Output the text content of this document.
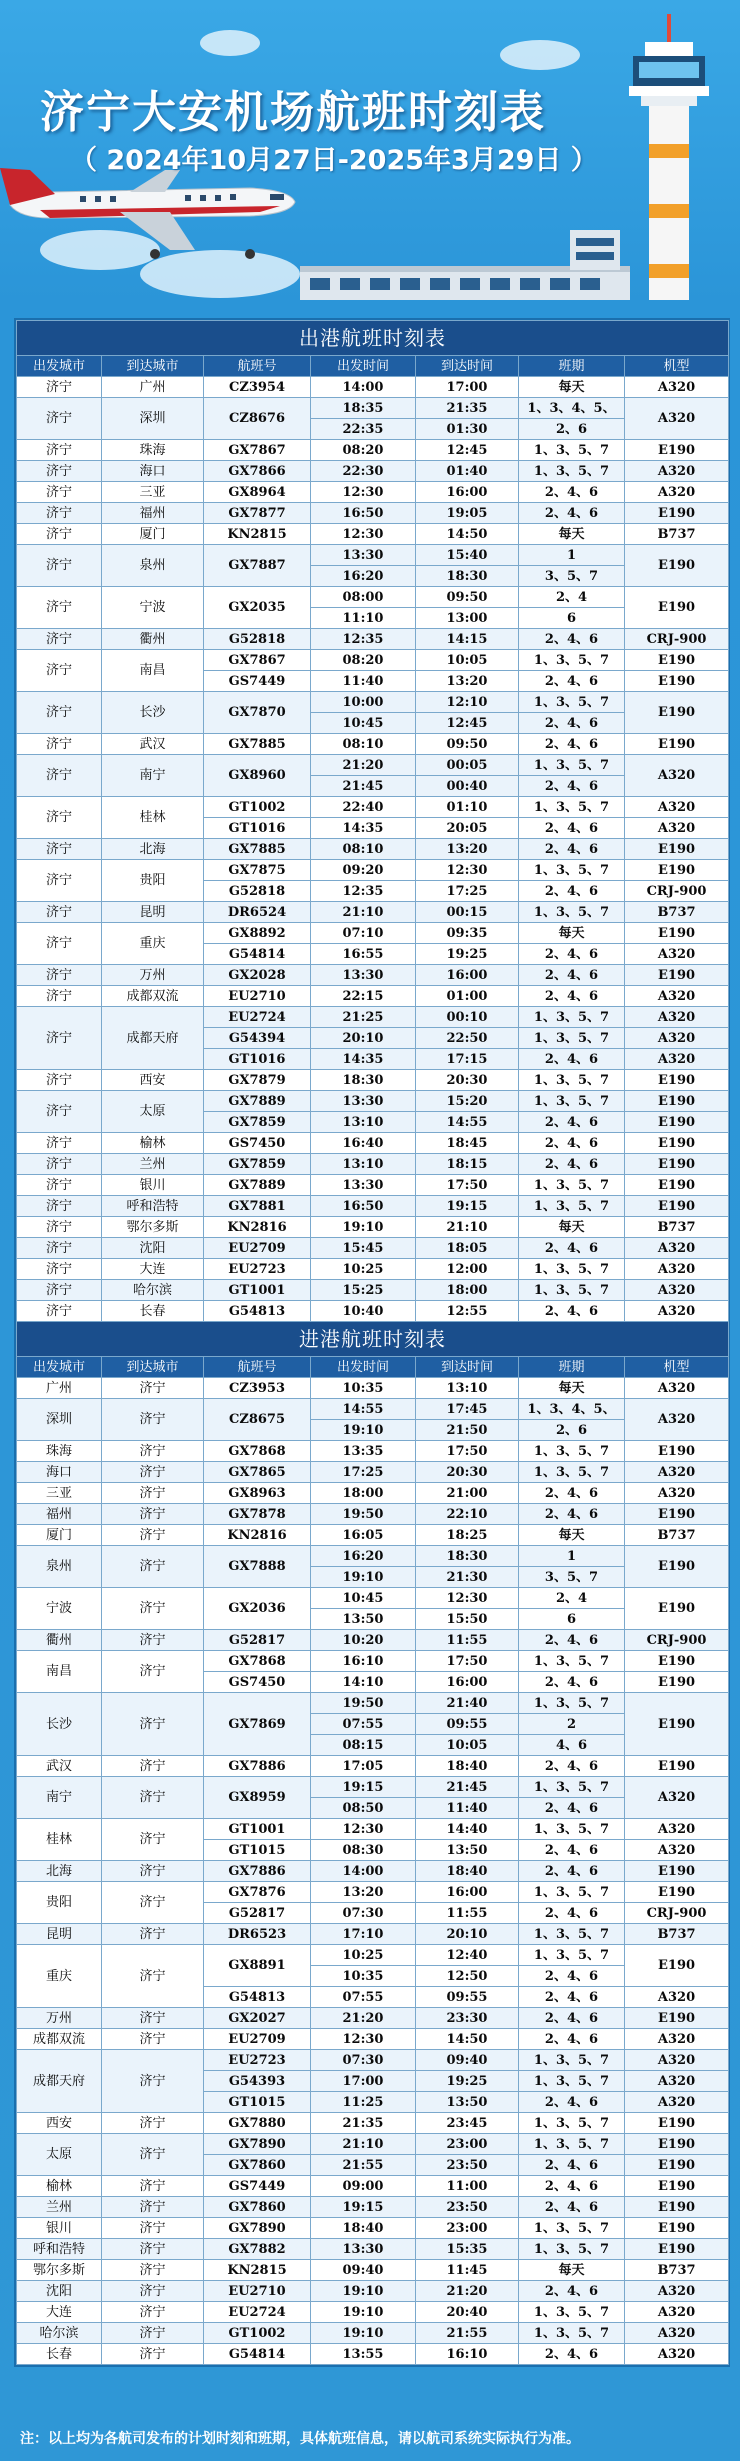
济宁大安机场航班时刻表
（ 2024年10月27日-2025年3月29日 ）
出港航班时刻表						
出发城市	到达城市	航班号	出发时间	到达时间	班期	机型
济宁	广州	CZ3954	14:00	17:00	每天	A320
济宁	深圳	CZ8676	18:35	21:35	1、3、4、5、	A320
			22:35	01:30	2、6	
济宁	珠海	GX7867	08:20	12:45	1、3、5、7	E190
济宁	海口	GX7866	22:30	01:40	1、3、5、7	A320
济宁	三亚	GX8964	12:30	16:00	2、4、6	A320
济宁	福州	GX7877	16:50	19:05	2、4、6	E190
济宁	厦门	KN2815	12:30	14:50	每天	B737
济宁	泉州	GX7887	13:30	15:40	1	E190
			16:20	18:30	3、5、7	
济宁	宁波	GX2035	08:00	09:50	2、4	E190
			11:10	13:00	6	
济宁	衢州	G52818	12:35	14:15	2、4、6	CRJ-900
济宁	南昌	GX7867	08:20	10:05	1、3、5、7	E190
		GS7449	11:40	13:20	2、4、6	E190
济宁	长沙	GX7870	10:00	12:10	1、3、5、7	E190
			10:45	12:45	2、4、6	
济宁	武汉	GX7885	08:10	09:50	2、4、6	E190
济宁	南宁	GX8960	21:20	00:05	1、3、5、7	A320
			21:45	00:40	2、4、6	
济宁	桂林	GT1002	22:40	01:10	1、3、5、7	A320
		GT1016	14:35	20:05	2、4、6	A320
济宁	北海	GX7885	08:10	13:20	2、4、6	E190
济宁	贵阳	GX7875	09:20	12:30	1、3、5、7	E190
		G52818	12:35	17:25	2、4、6	CRJ-900
济宁	昆明	DR6524	21:10	00:15	1、3、5、7	B737
济宁	重庆	GX8892	07:10	09:35	每天	E190
		G54814	16:55	19:25	2、4、6	A320
济宁	万州	GX2028	13:30	16:00	2、4、6	E190
济宁	成都双流	EU2710	22:15	01:00	2、4、6	A320
济宁	成都天府	EU2724	21:25	00:10	1、3、5、7	A320
		G54394	20:10	22:50	1、3、5、7	A320
		GT1016	14:35	17:15	2、4、6	A320
济宁	西安	GX7879	18:30	20:30	1、3、5、7	E190
济宁	太原	GX7889	13:30	15:20	1、3、5、7	E190
		GX7859	13:10	14:55	2、4、6	E190
济宁	榆林	GS7450	16:40	18:45	2、4、6	E190
济宁	兰州	GX7859	13:10	18:15	2、4、6	E190
济宁	银川	GX7889	13:30	17:50	1、3、5、7	E190
济宁	呼和浩特	GX7881	16:50	19:15	1、3、5、7	E190
济宁	鄂尔多斯	KN2816	19:10	21:10	每天	B737
济宁	沈阳	EU2709	15:45	18:05	2、4、6	A320
济宁	大连	EU2723	10:25	12:00	1、3、5、7	A320
济宁	哈尔滨	GT1001	15:25	18:00	1、3、5、7	A320
济宁	长春	G54813	10:40	12:55	2、4、6	A320
进港航班时刻表						
出发城市	到达城市	航班号	出发时间	到达时间	班期	机型
广州	济宁	CZ3953	10:35	13:10	每天	A320
深圳	济宁	CZ8675	14:55	17:45	1、3、4、5、	A320
			19:10	21:50	2、6	
珠海	济宁	GX7868	13:35	17:50	1、3、5、7	E190
海口	济宁	GX7865	17:25	20:30	1、3、5、7	A320
三亚	济宁	GX8963	18:00	21:00	2、4、6	A320
福州	济宁	GX7878	19:50	22:10	2、4、6	E190
厦门	济宁	KN2816	16:05	18:25	每天	B737
泉州	济宁	GX7888	16:20	18:30	1	E190
			19:10	21:30	3、5、7	
宁波	济宁	GX2036	10:45	12:30	2、4	E190
			13:50	15:50	6	
衢州	济宁	G52817	10:20	11:55	2、4、6	CRJ-900
南昌	济宁	GX7868	16:10	17:50	1、3、5、7	E190
		GS7450	14:10	16:00	2、4、6	E190
长沙	济宁	GX7869	19:50	21:40	1、3、5、7	E190
			07:55	09:55	2	
			08:15	10:05	4、6	
武汉	济宁	GX7886	17:05	18:40	2、4、6	E190
南宁	济宁	GX8959	19:15	21:45	1、3、5、7	A320
			08:50	11:40	2、4、6	
桂林	济宁	GT1001	12:30	14:40	1、3、5、7	A320
		GT1015	08:30	13:50	2、4、6	A320
北海	济宁	GX7886	14:00	18:40	2、4、6	E190
贵阳	济宁	GX7876	13:20	16:00	1、3、5、7	E190
		G52817	07:30	11:55	2、4、6	CRJ-900
昆明	济宁	DR6523	17:10	20:10	1、3、5、7	B737
重庆	济宁	GX8891	10:25	12:40	1、3、5、7	E190
			10:35	12:50	2、4、6	
		G54813	07:55	09:55	2、4、6	A320
万州	济宁	GX2027	21:20	23:30	2、4、6	E190
成都双流	济宁	EU2709	12:30	14:50	2、4、6	A320
成都天府	济宁	EU2723	07:30	09:40	1、3、5、7	A320
		G54393	17:00	19:25	1、3、5、7	A320
		GT1015	11:25	13:50	2、4、6	A320
西安	济宁	GX7880	21:35	23:45	1、3、5、7	E190
太原	济宁	GX7890	21:10	23:00	1、3、5、7	E190
		GX7860	21:55	23:50	2、4、6	E190
榆林	济宁	GS7449	09:00	11:00	2、4、6	E190
兰州	济宁	GX7860	19:15	23:50	2、4、6	E190
银川	济宁	GX7890	18:40	23:00	1、3、5、7	E190
呼和浩特	济宁	GX7882	13:30	15:35	1、3、5、7	E190
鄂尔多斯	济宁	KN2815	09:40	11:45	每天	B737
沈阳	济宁	EU2710	19:10	21:20	2、4、6	A320
大连	济宁	EU2724	19:10	20:40	1、3、5、7	A320
哈尔滨	济宁	GT1002	19:10	21:55	1、3、5、7	A320
长春	济宁	G54814	13:55	16:10	2、4、6	A320
注：以上均为各航司发布的计划时刻和班期，具体航班信息，请以航司系统实际执行为准。
